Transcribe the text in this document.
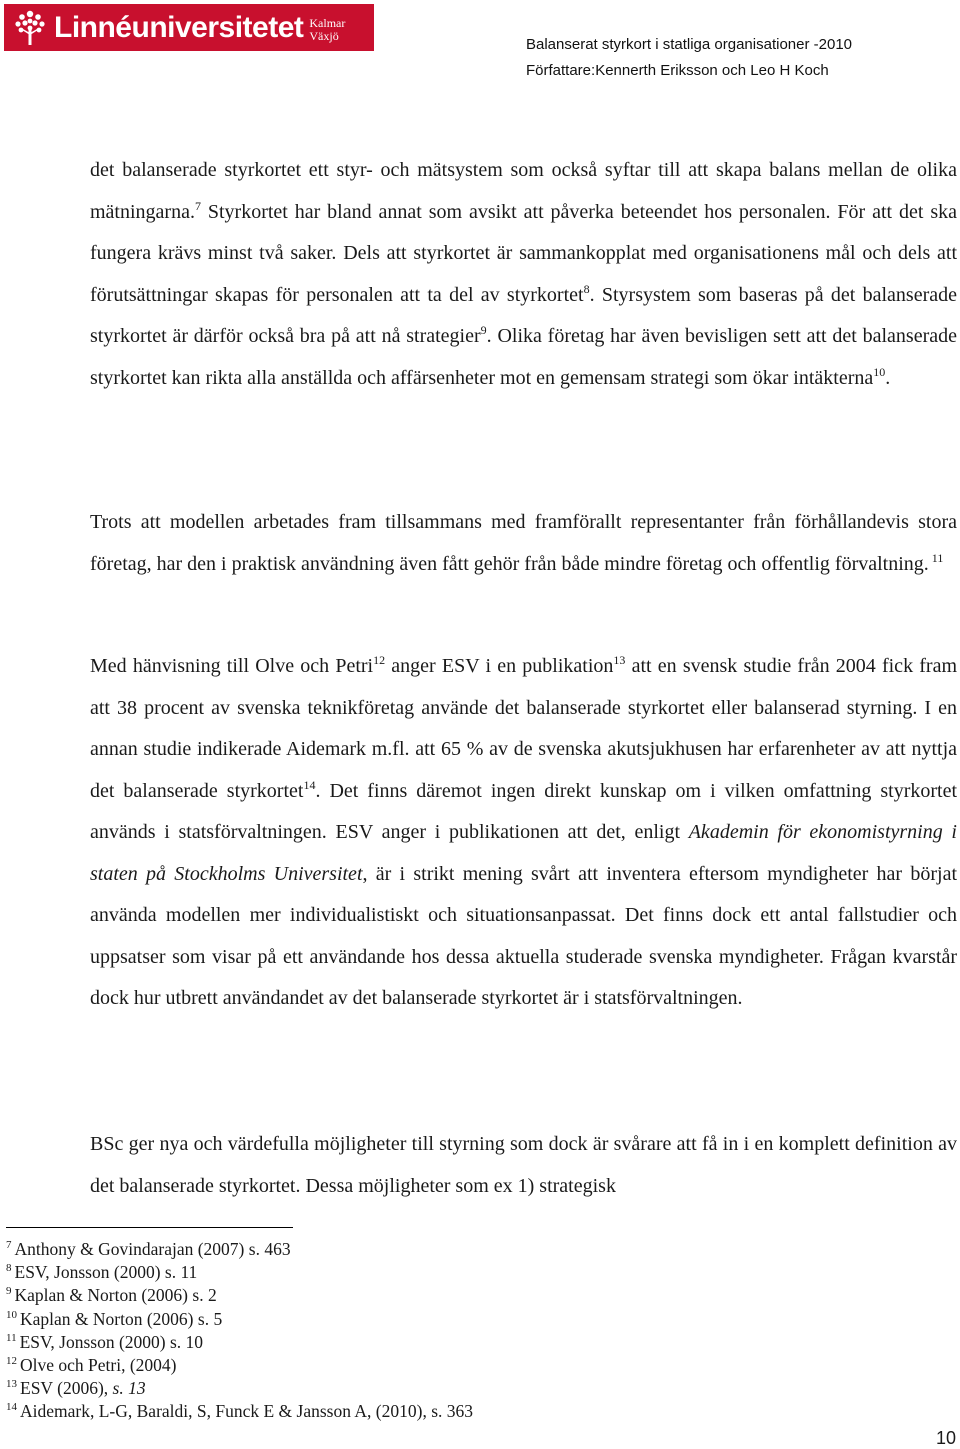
Linnéuniversitetet Kalmar
Växjö
Balanserat styrkort i statliga organisationer -2010
Författare:Kennerth Eriksson och Leo H Koch

det balanserade styrkortet ett styr- och mätsystem som också syftar till att skapa balans mellan de olika mätningarna.$^7$ Styrkortet har bland annat som avsikt att påverka beteendet hos personalen. För att det ska fungera krävs minst två saker. Dels att styrkortet är sammankopplat med organisationens mål och dels att förutsättningar skapas för personalen att ta del av styrkortet$^8$. Styrsystem som baseras på det balanserade styrkortet är därför också bra på att nå strategier$^9$. Olika företag har även bevisligen sett att det balanserade styrkortet kan rikta alla anställda och affärsenheter mot en gemensam strategi som ökar intäkterna$^{10}$.

Trots att modellen arbetades fram tillsammans med framförallt representanter från förhållandevis stora företag, har den i praktisk användning även fått gehör från både mindre företag och offentlig förvaltning. $^{11}$

Med hänvisning till Olve och Petri$^{12}$ anger ESV i en publikation$^{13}$ att en svensk studie från 2004 fick fram att 38 procent av svenska teknikföretag använde det balanserade styrkortet eller balanserad styrning. I en annan studie indikerade Aidemark m.fl. att 65 % av de svenska akutsjukhusen har erfarenheter av att nyttja det balanserade styrkortet$^{14}$. Det finns däremot ingen direkt kunskap om i vilken omfattning styrkortet används i statsförvaltningen. ESV anger i publikationen att det, enligt Akademin för ekonomistyrning i staten på Stockholms Universitet, är i strikt mening svårt att inventera eftersom myndigheter har börjat använda modellen mer individualistiskt och situationsanpassat. Det finns dock ett antal fallstudier och uppsatser som visar på ett användande hos dessa aktuella studerade svenska myndigheter. Frågan kvarstår dock hur utbrett användandet av det balanserade styrkortet är i statsförvaltningen.

BSc ger nya och värdefulla möjligheter till styrning som dock är svårare att få in i en komplett definition av det balanserade styrkortet. Dessa möjligheter som ex 1) strategisk

$^7$ Anthony & Govindarajan (2007) s. 463
$^8$ ESV, Jonsson (2000) s. 11
$^9$ Kaplan & Norton (2006) s. 2
$^{10}$ Kaplan & Norton (2006) s. 5
$^{11}$ ESV, Jonsson (2000) s. 10
$^{12}$ Olve och Petri, (2004)
$^{13}$ ESV (2006), s. 13
$^{14}$ Aidemark, L-G, Baraldi, S, Funck E & Jansson A, (2010), s. 363
10
